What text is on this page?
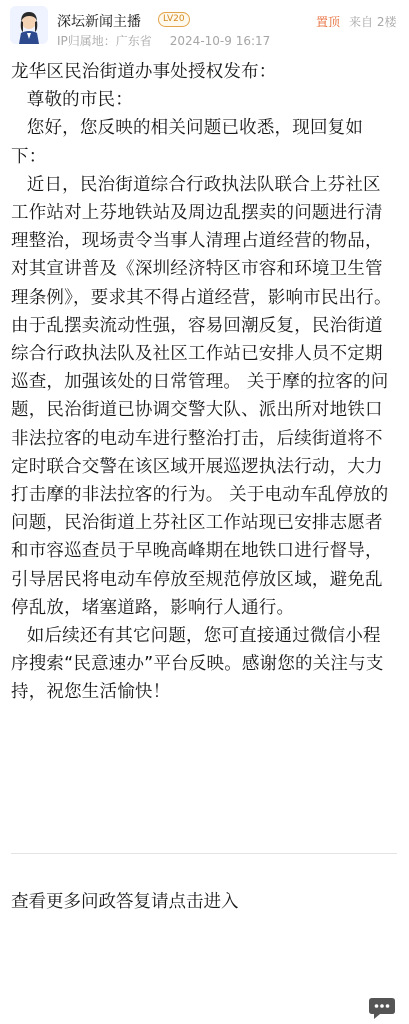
深坛新闻主播	LV20
IP归属地：广东省 2024-10-9 16:17
置顶 来自 2楼

龙华区民治街道办事处授权发布：

尊敬的市民：

您好，您反映的相关问题已收悉，现回复如下：

近日，民治街道综合行政执法队联合上芬社区工作站对上芬地铁站及周边乱摆卖的问题进行清理整治，现场责令当事人清理占道经营的物品，对其宣讲普及《深圳经济特区市容和环境卫生管理条例》，要求其不得占道经营，影响市民出行。由于乱摆卖流动性强，容易回潮反复，民治街道综合行政执法队及社区工作站已安排人员不定期巡查，加强该处的日常管理。 关于摩的拉客的问题，民治街道已协调交警大队、派出所对地铁口非法拉客的电动车进行整治打击，后续街道将不定时联合交警在该区域开展巡逻执法行动，大力打击摩的非法拉客的行为。 关于电动车乱停放的问题，民治街道上芬社区工作站现已安排志愿者和市容巡查员于早晚高峰期在地铁口进行督导，引导居民将电动车停放至规范停放区域，避免乱停乱放，堵塞道路，影响行人通行。

如后续还有其它问题，您可直接通过微信小程序搜索“民意速办”平台反映。感谢您的关注与支持，祝您生活愉快！

查看更多问政答复请点击进入
